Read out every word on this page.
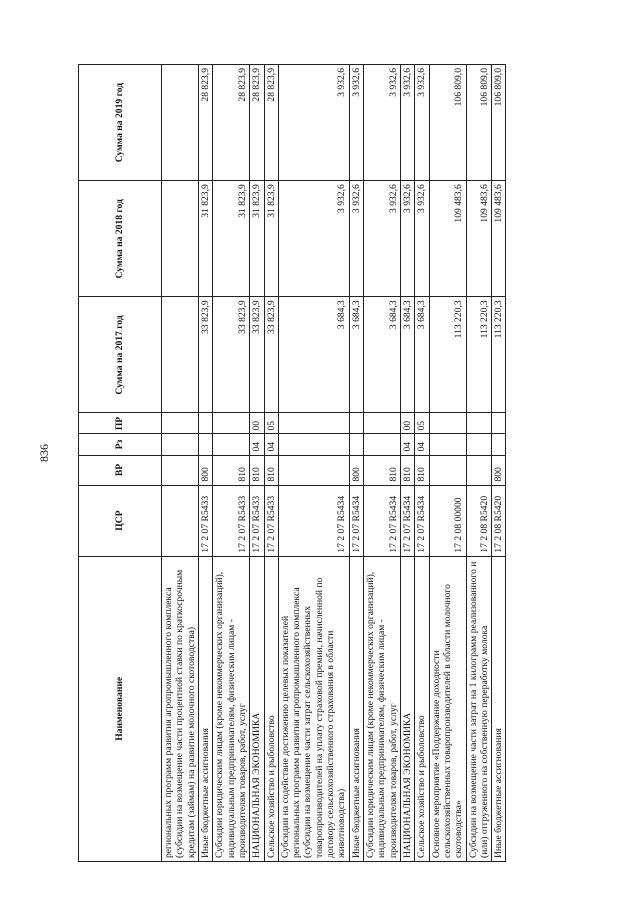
836
Наименование	ЦСР	ВР	Рз	ПР	Сумма на 2017 год	Сумма на 2018 год	Сумма на 2019 год
региональных программ развития агропромышленного комплекса (субсидии на возмещение части процентной ставки по краткосрочным кредитам (займам) на развитие молочного скотоводства)							
Иные бюджетные ассигнования	17 2 07 R5433	800			33 823,9	31 823,9	28 823,9
Субсидии юридическим лицам (кроме некоммерческих организаций), индивидуальным предпринимателям, физическим лицам - производителям товаров, работ, услуг	17 2 07 R5433	810			33 823,9	31 823,9	28 823,9
НАЦИОНАЛЬНАЯ ЭКОНОМИКА	17 2 07 R5433	810	04	00	33 823,9	31 823,9	28 823,9
Сельское хозяйство и рыболовство	17 2 07 R5433	810	04	05	33 823,9	31 823,9	28 823,9
Субсидии на содействие достижению целевых показателей региональных программ развития агропромышленного комплекса (субсидии на возмещение части затрат сельскохозяйственных товаропроизводителей на уплату страховой премии, начисленной по договору сельскохозяйственного страхования в области животноводства)	17 2 07 R5434				3 684,3	3 932,6	3 932,6
Иные бюджетные ассигнования	17 2 07 R5434	800			3 684,3	3 932,6	3 932,6
Субсидии юридическим лицам (кроме некоммерческих организаций), индивидуальным предпринимателям, физическим лицам - производителям товаров, работ, услуг	17 2 07 R5434	810			3 684,3	3 932,6	3 932,6
НАЦИОНАЛЬНАЯ ЭКОНОМИКА	17 2 07 R5434	810	04	00	3 684,3	3 932,6	3 932,6
Сельское хозяйство и рыболовство	17 2 07 R5434	810	04	05	3 684,3	3 932,6	3 932,6
Основное мероприятие «Поддержание доходности сельскохозяйственных товаропроизводителей в области молочного скотоводства»	17 2 08 00000				113 220,3	109 483,6	106 809,0
Субсидии на возмещение части затрат на 1 килограмм реализованного и (или) отгруженного на собственную переработку молока	17 2 08 R5420				113 220,3	109 483,6	106 809,0
Иные бюджетные ассигнования	17 2 08 R5420	800			113 220,3	109 483,6	106 809,0
